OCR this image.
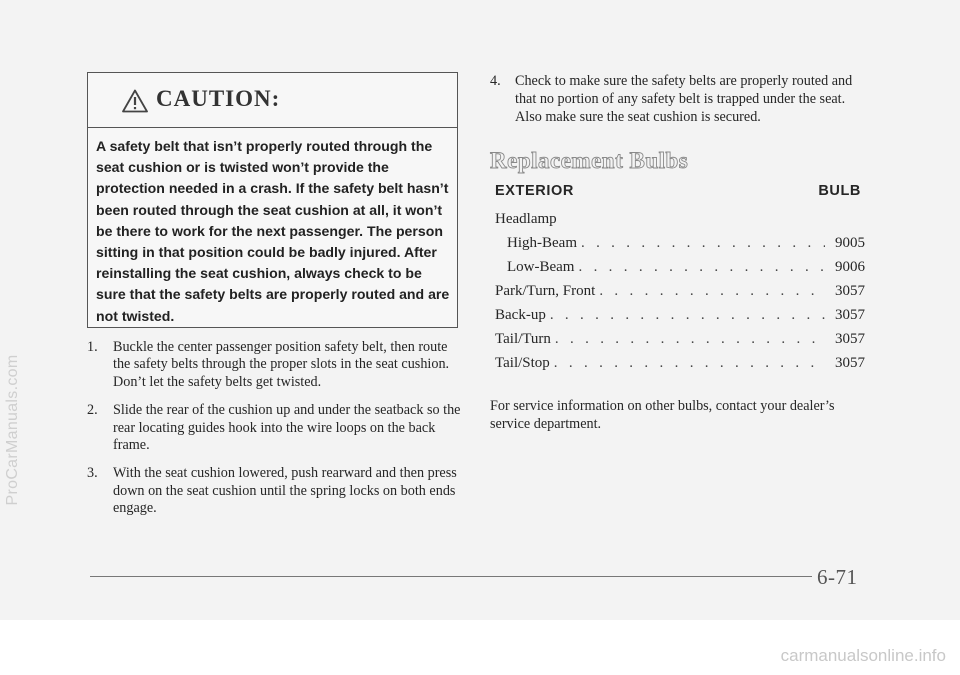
CAUTION:
A safety belt that isn’t properly routed through the seat cushion or is twisted won’t provide the protection needed in a crash. If the safety belt hasn’t been routed through the seat cushion at all, it won’t be there to work for the next passenger. The person sitting in that position could be badly injured. After reinstalling the seat cushion, always check to be sure that the safety belts are properly routed and are not twisted.
1. Buckle the center passenger position safety belt, then route the safety belts through the proper slots in the seat cushion. Don’t let the safety belts get twisted.
2. Slide the rear of the cushion up and under the seatback so the rear locating guides hook into the wire loops on the back frame.
3. With the seat cushion lowered, push rearward and then press down on the seat cushion until the spring locks on both ends engage.
4.	Check to make sure the safety belts are properly routed and that no portion of any safety belt is trapped under the seat. Also make sure the seat cushion is secured.
Replacement Bulbs
EXTERIOR	BULB
Headlamp
High-Beam . . .	9005
Low-Beam . . .	9006
Park/Turn, Front . . .	3057
Back-up . . .	3057
Tail/Turn . . .	3057
Tail/Stop . . .	3057
For service information on other bulbs, contact your dealer’s service department.
6-71
ProCarManuals.com
carmanualsonline.info
